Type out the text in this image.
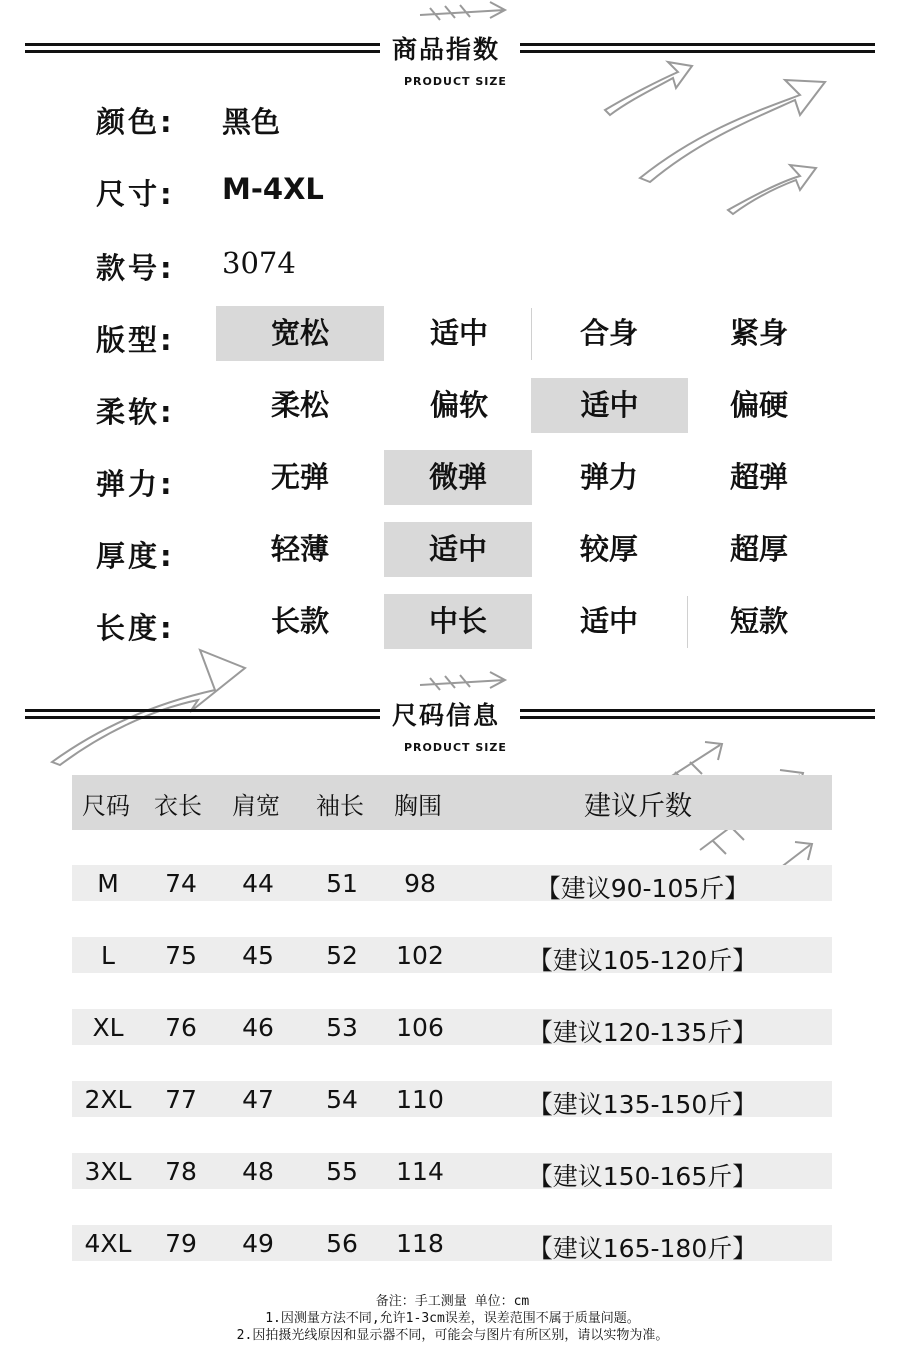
商品指数
PRODUCT SIZE
颜色: 黑色
尺寸: M-4XL
款号: 3074
版型:	宽松	适中	合身	紧身
柔软:	柔松	偏软	适中	偏硬
弹力:	无弹	微弹	弹力	超弹
厚度:	轻薄	适中	较厚	超厚
长度:	长款	中长	适中	短款
尺码信息
PRODUCT SIZE
尺码 衣长 肩宽 袖长 胸围	建议斤数
M	74	44	51	98	【建议90-105斤】
L	75	45	52	102	【建议105-120斤】
XL	76	46	53	106	【建议120-135斤】
2XL	77	47	54	110	【建议135-150斤】
3XL	78	48	55	114	【建议150-165斤】
4XL	79	49	56	118	【建议165-180斤】
备注：手工测量 单位：cm
1.因测量方法不同,允许1-3cm误差，误差范围不属于质量问题。
2.因拍摄光线原因和显示器不同，可能会与图片有所区别，请以实物为准。
